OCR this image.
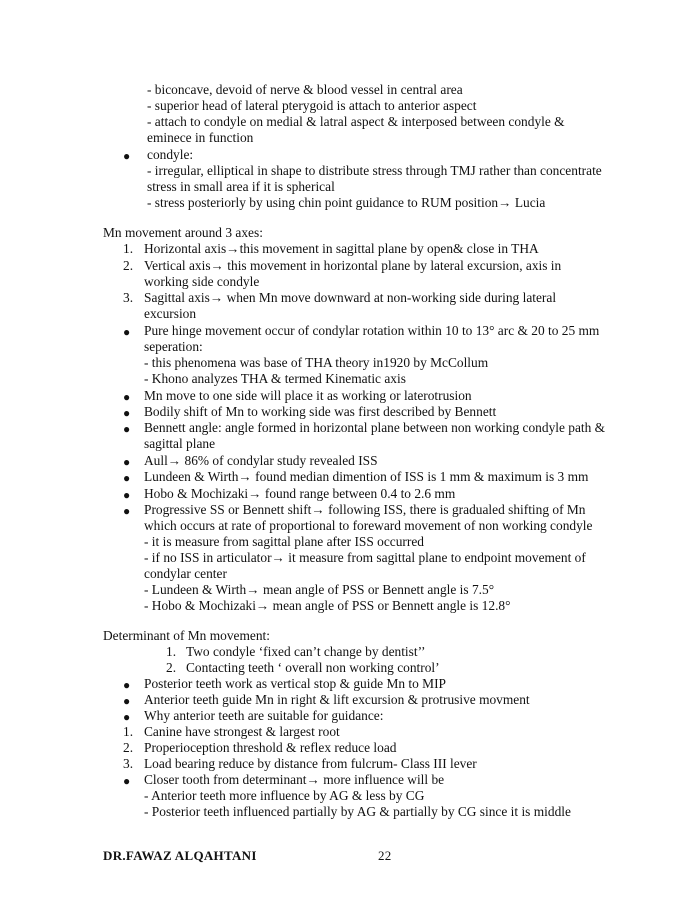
- biconcave, devoid of nerve & blood vessel in central area
- superior head of lateral pterygoid is attach to anterior aspect
- attach to condyle on medial & latral aspect & interposed between condyle &
eminece in function
● condyle:
- irregular, elliptical in shape to distribute stress through TMJ rather than concentrate
stress in small area if it is spherical
- stress posteriorly by using chin point guidance to RUM position→ Lucia
Mn movement around 3 axes:
1. Horizontal axis→this movement in sagittal plane by open& close in THA
2. Vertical axis→ this movement in horizontal plane by lateral excursion, axis in
working side condyle
3. Sagittal axis→ when Mn move downward at non-working side during lateral
excursion
● Pure hinge movement occur of condylar rotation within 10 to 13° arc & 20 to 25 mm
seperation:
- this phenomena was base of THA theory in1920 by McCollum
- Khono analyzes THA & termed Kinematic axis
● Mn move to one side will place it as working or laterotrusion
● Bodily shift of Mn to working side was first described by Bennett
● Bennett angle: angle formed in horizontal plane between non working condyle path &
sagittal plane
● Aull→ 86% of condylar study revealed ISS
● Lundeen & Wirth→ found median dimention of ISS is 1 mm & maximum is 3 mm
● Hobo & Mochizaki→ found range between 0.4 to 2.6 mm
● Progressive SS or Bennett shift→ following ISS, there is gradualed shifting of Mn
which occurs at rate of proportional to foreward movement of non working condyle
- it is measure from sagittal plane after ISS occurred
- if no ISS in articulator→ it measure from sagittal plane to endpoint movement of
condylar center
- Lundeen & Wirth→ mean angle of PSS or Bennett angle is 7.5°
- Hobo & Mochizaki→ mean angle of PSS or Bennett angle is 12.8°
Determinant of Mn movement:
1. Two condyle ‘fixed can’t change by dentist’’
2. Contacting teeth ‘ overall non working control’
● Posterior teeth work as vertical stop & guide Mn to MIP
● Anterior teeth guide Mn in right & lift excursion & protrusive movment
● Why anterior teeth are suitable for guidance:
1. Canine have strongest & largest root
2. Properioception threshold & reflex reduce load
3. Load bearing reduce by distance from fulcrum- Class III lever
● Closer tooth from determinant→ more influence will be
- Anterior teeth more influence by AG & less by CG
- Posterior teeth influenced partially by AG & partially by CG since it is middle
DR.FAWAZ ALQAHTANI	22
